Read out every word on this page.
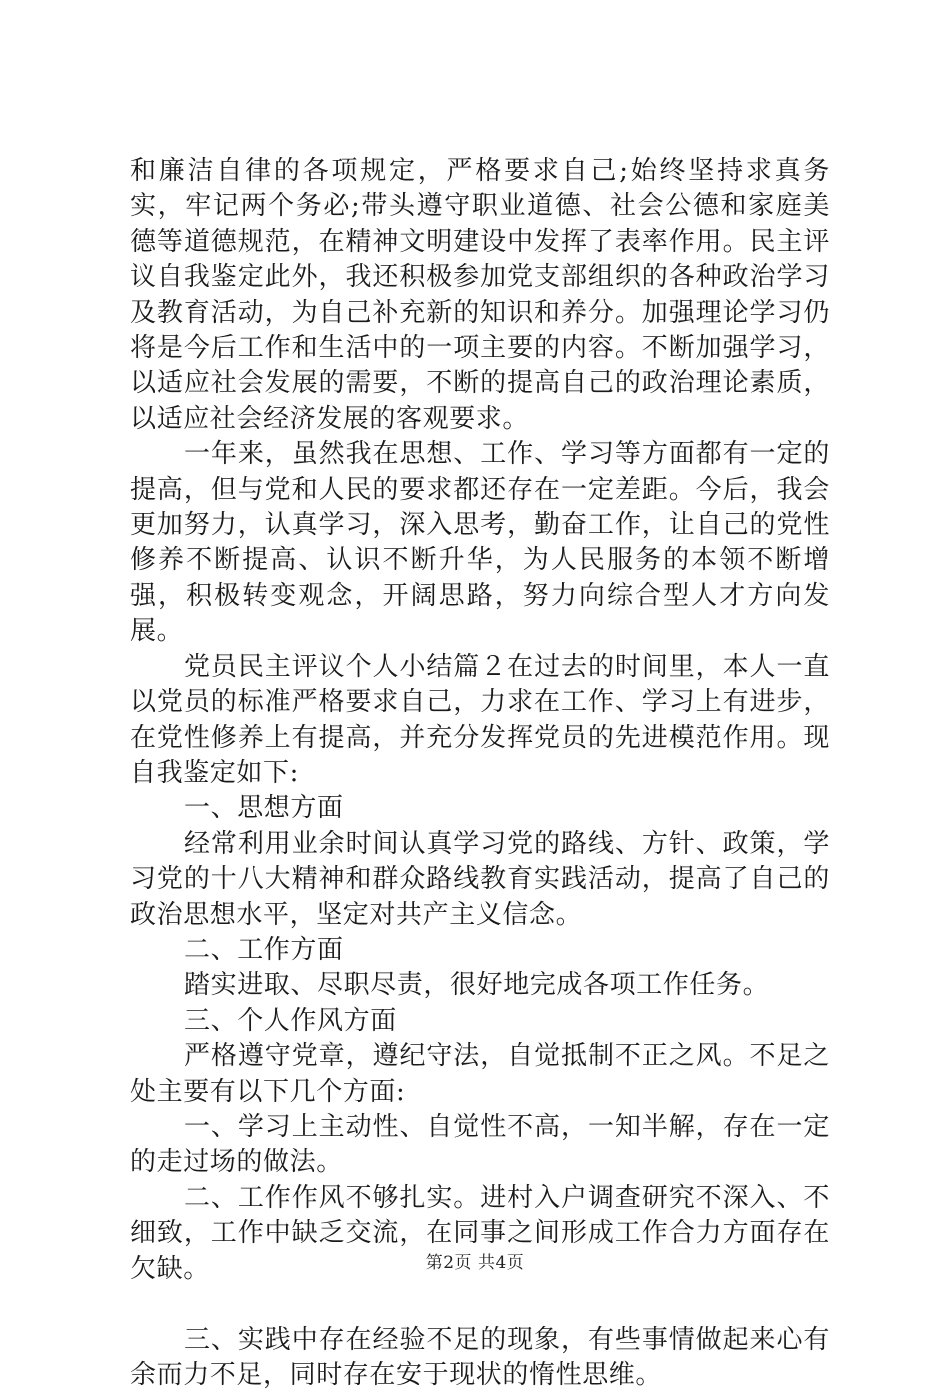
和廉洁自律的各项规定，严格要求自己;始终坚持求真务实，牢记两个务必;带头遵守职业道德、社会公德和家庭美德等道德规范，在精神文明建设中发挥了表率作用。民主评议自我鉴定此外，我还积极参加党支部组织的各种政治学习及教育活动，为自己补充新的知识和养分。加强理论学习仍将是今后工作和生活中的一项主要的内容。不断加强学习，以适应社会发展的需要，不断的提高自己的政治理论素质，以适应社会经济发展的客观要求。

一年来，虽然我在思想、工作、学习等方面都有一定的提高，但与党和人民的要求都还存在一定差距。今后，我会更加努力，认真学习，深入思考，勤奋工作，让自己的党性修养不断提高、认识不断升华，为人民服务的本领不断增强，积极转变观念，开阔思路，努力向综合型人才方向发展。

党员民主评议个人小结篇２在过去的时间里，本人一直以党员的标准严格要求自己，力求在工作、学习上有进步，在党性修养上有提高，并充分发挥党员的先进模范作用。现自我鉴定如下:

一、思想方面

经常利用业余时间认真学习党的路线、方针、政策，学习党的十八大精神和群众路线教育实践活动，提高了自己的政治思想水平，坚定对共产主义信念。

二、工作方面

踏实进取、尽职尽责，很好地完成各项工作任务。

三、个人作风方面

严格遵守党章，遵纪守法，自觉抵制不正之风。不足之处主要有以下几个方面:

一、学习上主动性、自觉性不高，一知半解，存在一定的走过场的做法。

二、工作作风不够扎实。进村入户调查研究不深入、不细致，工作中缺乏交流，在同事之间形成工作合力方面存在欠缺。

三、实践中存在经验不足的现象，有些事情做起来心有余而力不足，同时存在安于现状的惰性思维。

第2页 共4页
